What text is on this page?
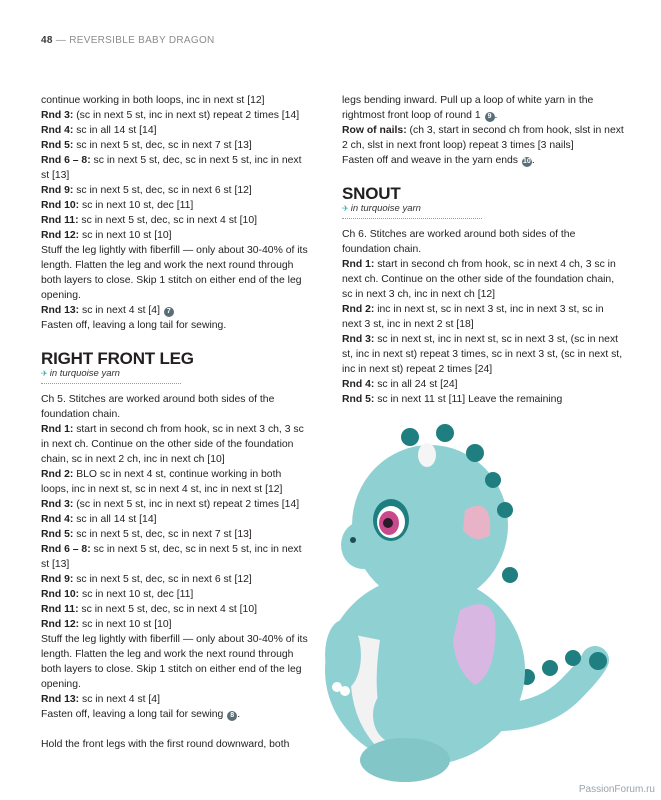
48 — REVERSIBLE BABY DRAGON

continue working in both loops, inc in next st [12]

Rnd 3: (sc in next 5 st, inc in next st) repeat 2 times [14]

Rnd 4: sc in all 14 st [14]

Rnd 5: sc in next 5 st, dec, sc in next 7 st [13]

Rnd 6 – 8: sc in next 5 st, dec, sc in next 5 st, inc in next st [13]

Rnd 9: sc in next 5 st, dec, sc in next 6 st [12]

Rnd 10: sc in next 10 st, dec [11]

Rnd 11: sc in next 5 st, dec, sc in next 4 st [10]

Rnd 12: sc in next 10 st [10]

Stuff the leg lightly with fiberfill — only about 30-40% of its length. Flatten the leg and work the next round through both layers to close. Skip 1 stitch on either end of the leg opening.

Rnd 13: sc in next 4 st [4] 7

Fasten off, leaving a long tail for sewing.

RIGHT FRONT LEG

✈ in turquoise yarn

Ch 5. Stitches are worked around both sides of the foundation chain.

Rnd 1: start in second ch from hook, sc in next 3 ch, 3 sc in next ch. Continue on the other side of the foundation chain, sc in next 2 ch, inc in next ch [10]

Rnd 2: BLO sc in next 4 st, continue working in both loops, inc in next st, sc in next 4 st, inc in next st [12]

Rnd 3: (sc in next 5 st, inc in next st) repeat 2 times [14]

Rnd 4: sc in all 14 st [14]

Rnd 5: sc in next 5 st, dec, sc in next 7 st [13]

Rnd 6 – 8: sc in next 5 st, dec, sc in next 5 st, inc in next st [13]

Rnd 9: sc in next 5 st, dec, sc in next 6 st [12]

Rnd 10: sc in next 10 st, dec [11]

Rnd 11: sc in next 5 st, dec, sc in next 4 st [10]

Rnd 12: sc in next 10 st [10]

Stuff the leg lightly with fiberfill — only about 30-40% of its length. Flatten the leg and work the next round through both layers to close. Skip 1 stitch on either end of the leg opening.

Rnd 13: sc in next 4 st [4]

Fasten off, leaving a long tail for sewing 8 .

Hold the front legs with the first round downward, both

legs bending inward. Pull up a loop of white yarn in the rightmost front loop of round 1 9 .

Row of nails: (ch 3, start in second ch from hook, slst in next 2 ch, slst in next front loop) repeat 3 times [3 nails]

Fasten off and weave in the yarn ends 10.

SNOUT

✈ in turquoise yarn

Ch 6. Stitches are worked around both sides of the foundation chain.

Rnd 1: start in second ch from hook, sc in next 4 ch, 3 sc in next ch. Continue on the other side of the foundation chain, sc in next 3 ch, inc in next ch [12]

Rnd 2: inc in next st, sc in next 3 st, inc in next 3 st, sc in next 3 st, inc in next 2 st [18]

Rnd 3: sc in next st, inc in next st, sc in next 3 st, (sc in next st, inc in next st) repeat 3 times, sc in next 3 st, (sc in next st, inc in next st) repeat 2 times [24]

Rnd 4: sc in all 24 st [24]

Rnd 5: sc in next 11 st [11] Leave the remaining

PassionForum.ru
